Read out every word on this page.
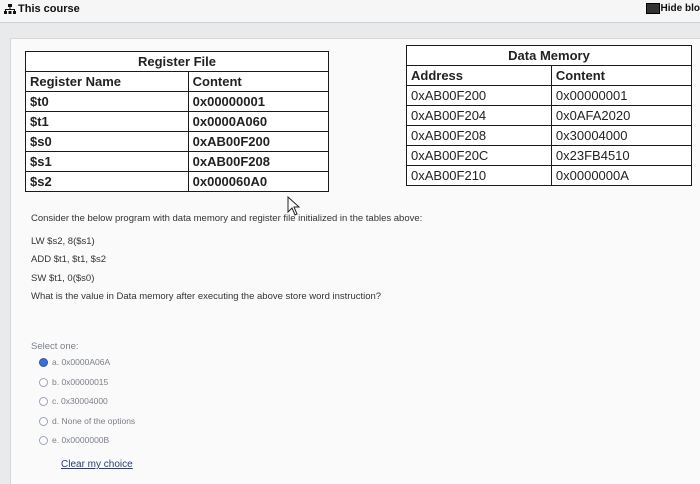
This course	Hide blo
Register File	
Register Name	Content
$t0	0x00000001
$t1	0x0000A060
$s0	0xAB00F200
$s1	0xAB00F208
$s2	0x000060A0
Data Memory	
Address	Content
0xAB00F200	0x00000001
0xAB00F204	0x0AFA2020
0xAB00F208	0x30004000
0xAB00F20C	0x23FB4510
0xAB00F210	0x0000000A
Consider the below program with data memory and register file initialized in the tables above:
LW $s2, 8($s1)
ADD $t1, $t1, $s2
SW $t1, 0($s0)
What is the value in Data memory after executing the above store word instruction?
Select one:
a. 0x0000A06A
b. 0x00000015
c. 0x30004000
d. None of the options
e. 0x0000000B
Clear my choice
